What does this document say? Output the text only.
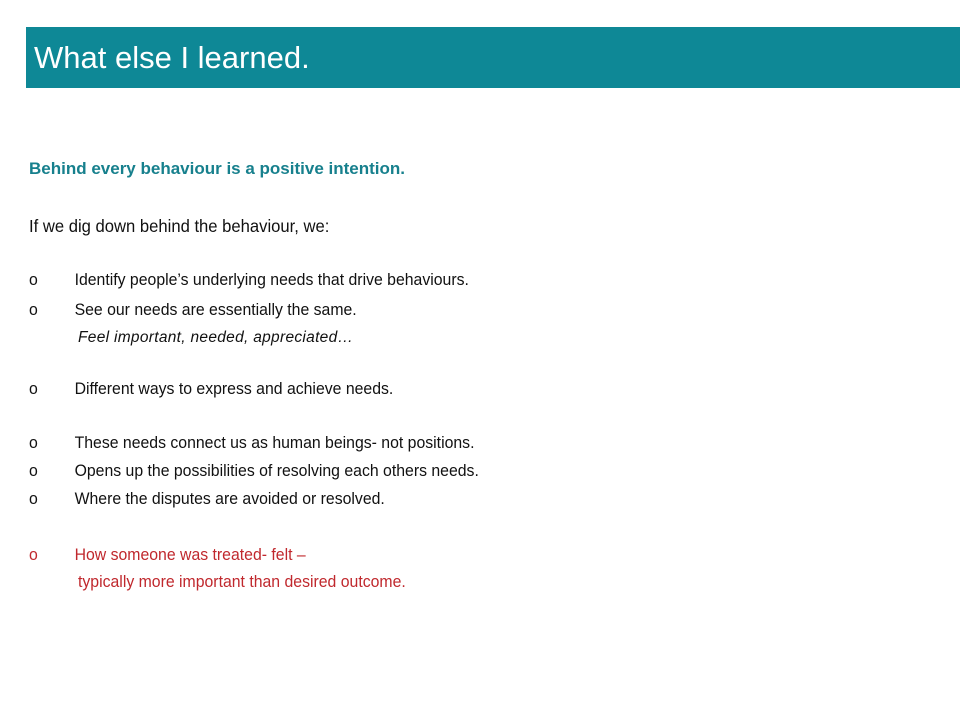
What else I learned.
Behind every behaviour is a positive intention.
If we dig down behind the behaviour, we:
o Identify people’s underlying needs that drive behaviours.
o See our needs are essentially the same.
Feel important, needed, appreciated…
o Different ways to express and achieve needs.
o These needs connect us as human beings- not positions.
o Opens up the possibilities of resolving each others needs.
o Where the disputes are avoided or resolved.
o How someone was treated- felt –
typically more important than desired outcome.
